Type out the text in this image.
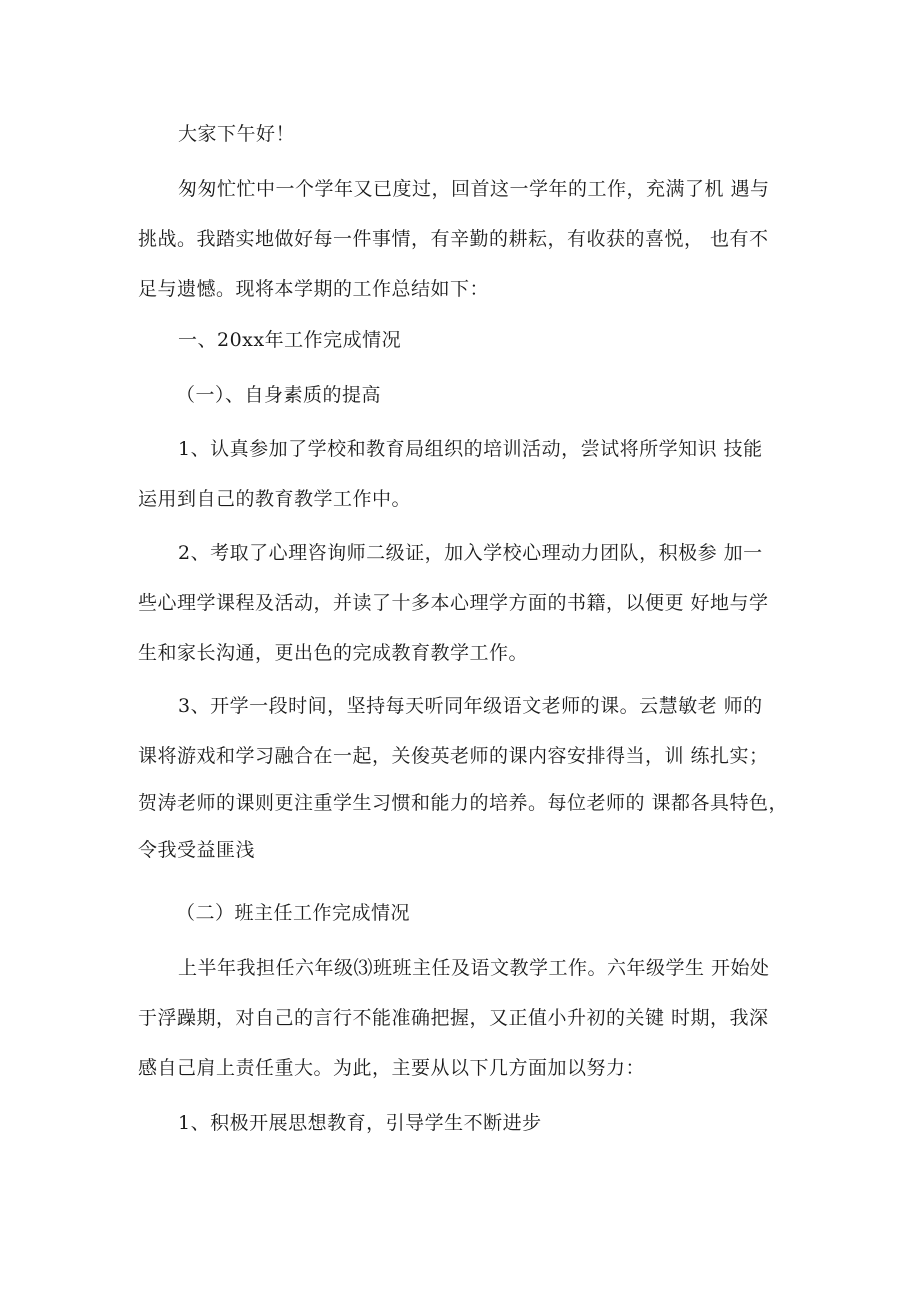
大家下午好！
匆匆忙忙中一个学年又已度过，回首这一学年的工作，充满了机 遇与
挑战。我踏实地做好每一件事情，有辛勤的耕耘，有收获的喜悦， 也有不
足与遗憾。现将本学期的工作总结如下：
一、20xx年工作完成情况
（一）、自身素质的提高
1、认真参加了学校和教育局组织的培训活动，尝试将所学知识 技能
运用到自己的教育教学工作中。
2、考取了心理咨询师二级证，加入学校心理动力团队，积极参 加一
些心理学课程及活动，并读了十多本心理学方面的书籍，以便更 好地与学
生和家长沟通，更出色的完成教育教学工作。
3、开学一段时间，坚持每天听同年级语文老师的课。云慧敏老 师的
课将游戏和学习融合在一起，关俊英老师的课内容安排得当，训 练扎实；
贺涛老师的课则更注重学生习惯和能力的培养。每位老师的 课都各具特色，
令我受益匪浅
（二）班主任工作完成情况
上半年我担任六年级⑶班班主任及语文教学工作。六年级学生 开始处
于浮躁期，对自己的言行不能准确把握，又正值小升初的关键 时期，我深
感自己肩上责任重大。为此，主要从以下几方面加以努力：
1、积极开展思想教育，引导学生不断进步
